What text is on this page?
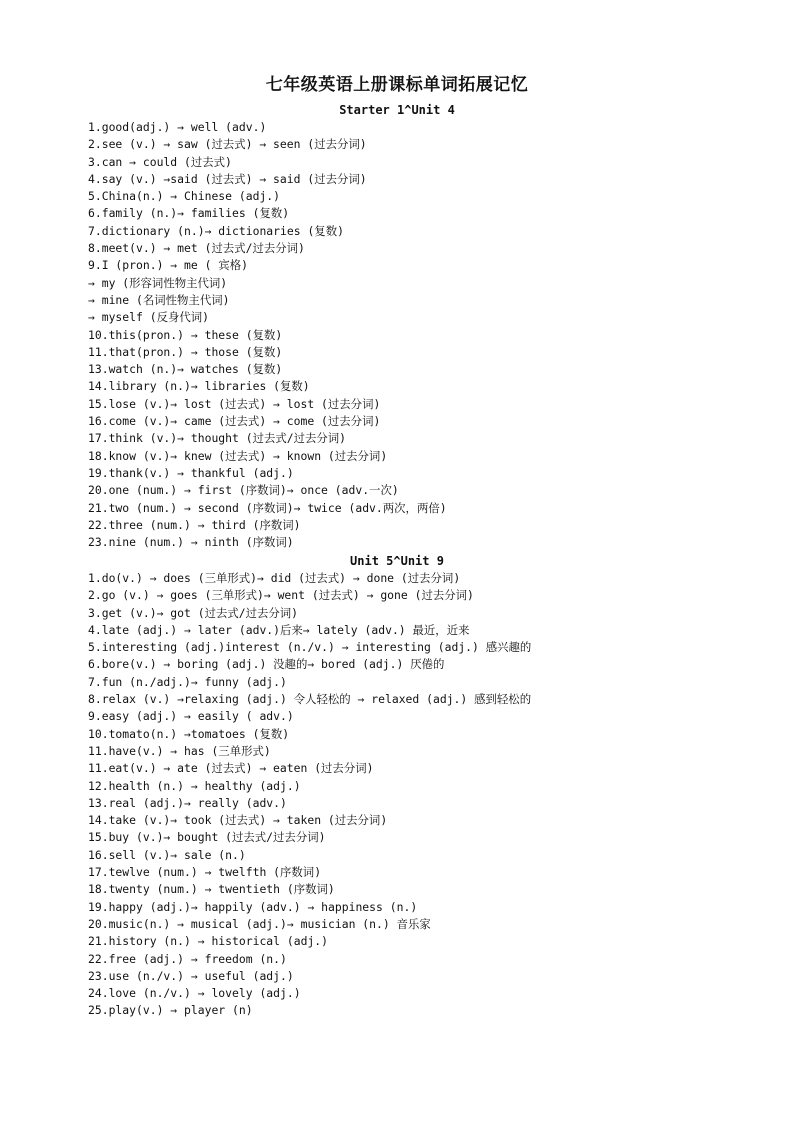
七年级英语上册课标单词拓展记忆
Starter 1^Unit 4
1.good(adj.) → well (adv.)
2.see (v.) → saw (过去式) → seen (过去分词)
3.can → could (过去式)
4.say (v.) →said (过去式) → said (过去分词)
5.China(n.) → Chinese (adj.)
6.family (n.)→ families (复数)
7.dictionary (n.)→ dictionaries (复数)
8.meet(v.) → met (过去式/过去分词)
9.I (pron.) → me ( 宾格)
→ my (形容词性物主代词)
→ mine (名词性物主代词)
→ myself (反身代词)
10.this(pron.) → these (复数)
11.that(pron.) → those (复数)
13.watch (n.)→ watches (复数)
14.library (n.)→ libraries (复数)
15.lose (v.)→ lost (过去式) → lost (过去分词)
16.come (v.)→ came (过去式) → come (过去分词)
17.think (v.)→ thought (过去式/过去分词)
18.know (v.)→ knew (过去式) → known (过去分词)
19.thank(v.) → thankful (adj.)
20.one (num.) → first (序数词)→ once (adv.一次)
21.two (num.) → second (序数词)→ twice (adv.两次，两倍)
22.three (num.) → third (序数词)
23.nine (num.) → ninth (序数词)
Unit 5^Unit 9
1.do(v.) → does (三单形式)→ did (过去式) → done (过去分词)
2.go (v.) → goes (三单形式)→ went (过去式) → gone (过去分词)
3.get (v.)→ got (过去式/过去分词)
4.late (adj.) → later (adv.)后来→ lately (adv.) 最近，近来
5.interesting (adj.)interest (n./v.) → interesting (adj.) 感兴趣的
6.bore(v.) → boring (adj.) 没趣的→ bored (adj.) 厌倦的
7.fun (n./adj.)→ funny (adj.)
8.relax (v.) →relaxing (adj.) 令人轻松的 → relaxed (adj.) 感到轻松的
9.easy (adj.) → easily ( adv.)
10.tomato(n.) →tomatoes (复数)
11.have(v.) → has (三单形式)
11.eat(v.) → ate (过去式) → eaten (过去分词)
12.health (n.) → healthy (adj.)
13.real (adj.)→ really (adv.)
14.take (v.)→ took (过去式) → taken (过去分词)
15.buy (v.)→ bought (过去式/过去分词)
16.sell (v.)→ sale (n.)
17.tewlve (num.) → twelfth (序数词)
18.twenty (num.) → twentieth (序数词)
19.happy (adj.)→ happily (adv.) → happiness (n.)
20.music(n.) → musical (adj.)→ musician (n.) 音乐家
21.history (n.) → historical (adj.)
22.free (adj.) → freedom (n.)
23.use (n./v.) → useful (adj.)
24.love (n./v.) → lovely (adj.)
25.play(v.) → player (n)
